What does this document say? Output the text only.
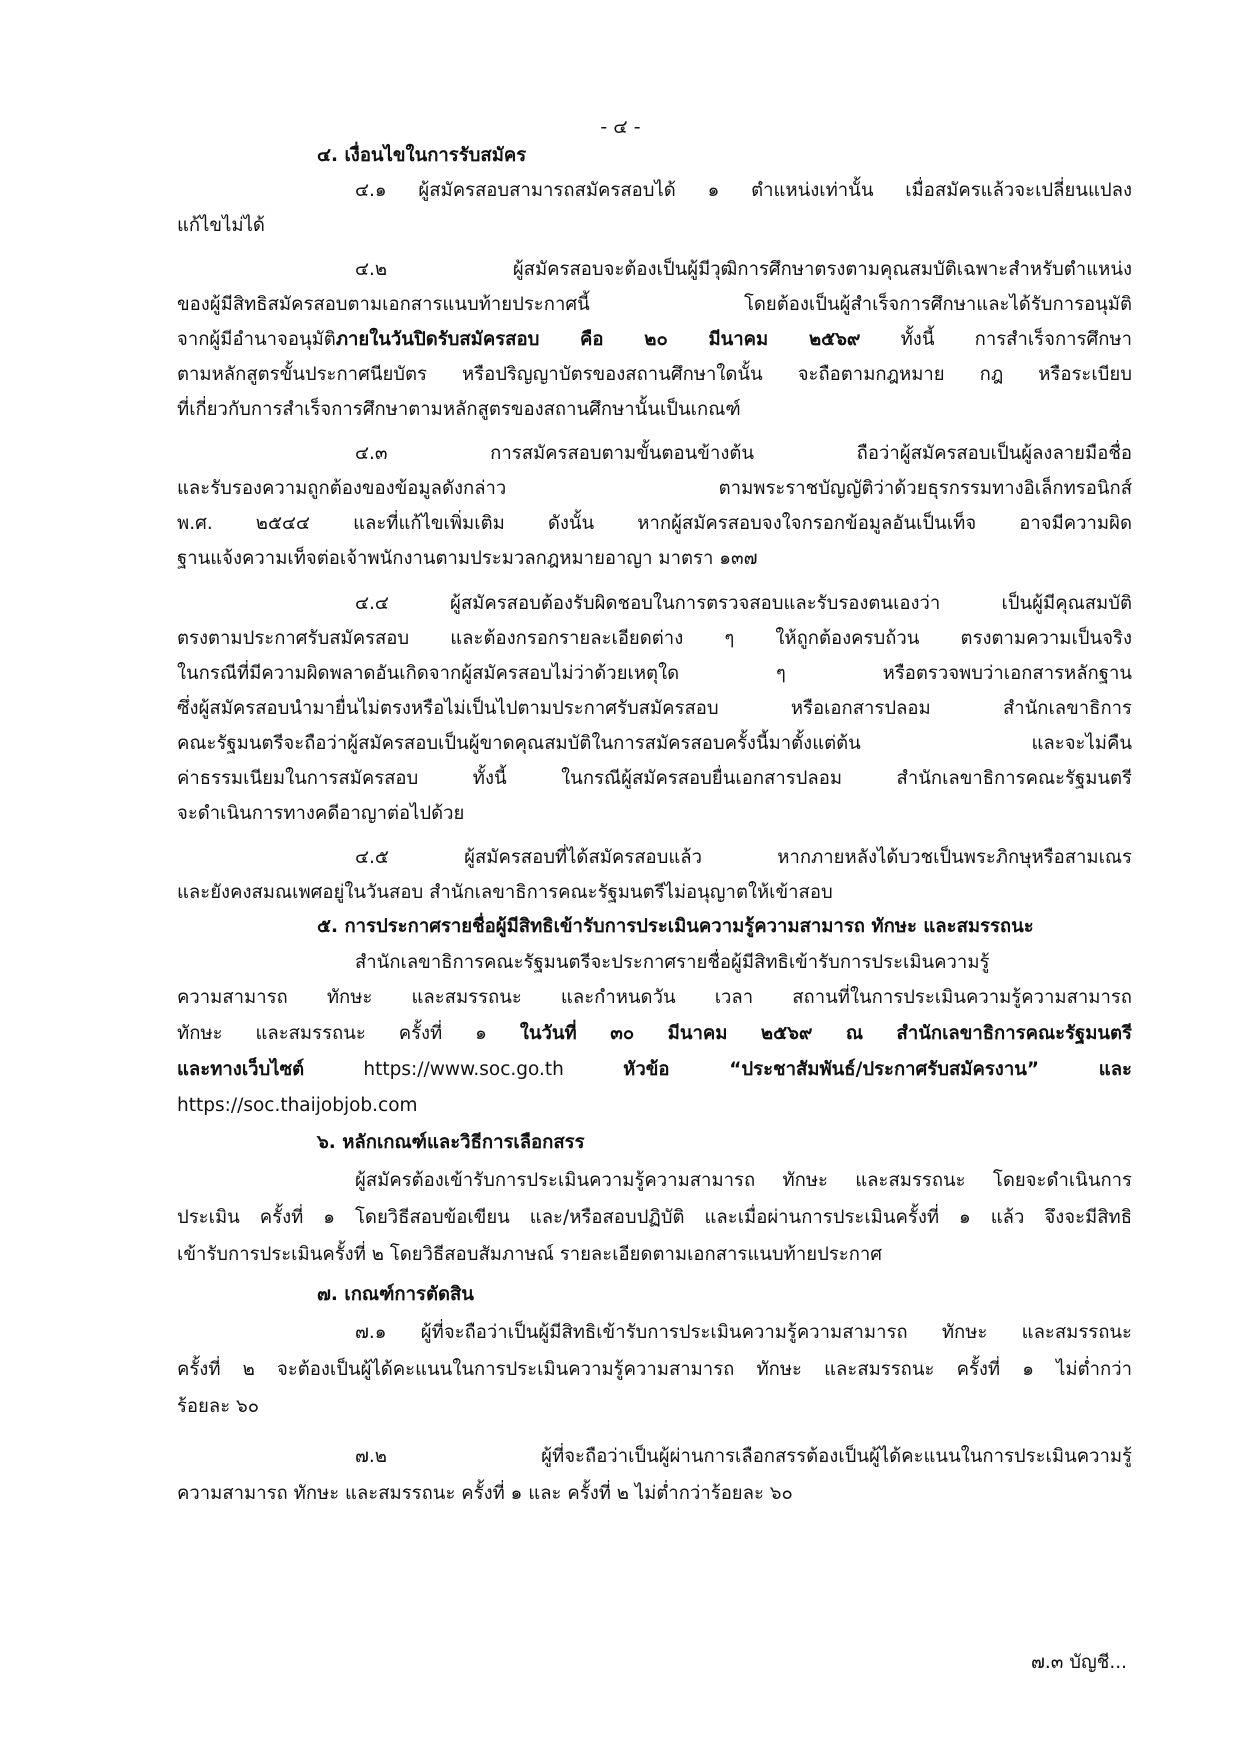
- ๔ -
๔. เงื่อนไขในการรับสมัคร
๔.๑ ผู้สมัครสอบสามารถสมัครสอบได้ ๑ ตำแหน่งเท่านั้น เมื่อสมัครแล้วจะเปลี่ยนแปลง
แก้ไขไม่ได้
๔.๒ ผู้สมัครสอบจะต้องเป็นผู้มีวุฒิการศึกษาตรงตามคุณสมบัติเฉพาะสำหรับตำแหน่ง
ของผู้มีสิทธิสมัครสอบตามเอกสารแนบท้ายประกาศนี้ โดยต้องเป็นผู้สำเร็จการศึกษาและได้รับการอนุมัติ
จากผู้มีอำนาจอนุมัติภายในวันปิดรับสมัครสอบ คือ ๒๐ มีนาคม ๒๕๖๙ ทั้งนี้ การสำเร็จการศึกษา
ตามหลักสูตรขั้นประกาศนียบัตร หรือปริญญาบัตรของสถานศึกษาใดนั้น จะถือตามกฎหมาย กฎ หรือระเบียบ
ที่เกี่ยวกับการสำเร็จการศึกษาตามหลักสูตรของสถานศึกษานั้นเป็นเกณฑ์
๔.๓ การสมัครสอบตามขั้นตอนข้างต้น ถือว่าผู้สมัครสอบเป็นผู้ลงลายมือชื่อ
และรับรองความถูกต้องของข้อมูลดังกล่าว ตามพระราชบัญญัติว่าด้วยธุรกรรมทางอิเล็กทรอนิกส์
พ.ศ. ๒๕๔๔ และที่แก้ไขเพิ่มเติม ดังนั้น หากผู้สมัครสอบจงใจกรอกข้อมูลอันเป็นเท็จ อาจมีความผิด
ฐานแจ้งความเท็จต่อเจ้าพนักงานตามประมวลกฎหมายอาญา มาตรา ๑๓๗
๔.๔ ผู้สมัครสอบต้องรับผิดชอบในการตรวจสอบและรับรองตนเองว่า เป็นผู้มีคุณสมบัติ
ตรงตามประกาศรับสมัครสอบ และต้องกรอกรายละเอียดต่าง ๆ ให้ถูกต้องครบถ้วน ตรงตามความเป็นจริง
ในกรณีที่มีความผิดพลาดอันเกิดจากผู้สมัครสอบไม่ว่าด้วยเหตุใด ๆ หรือตรวจพบว่าเอกสารหลักฐาน
ซึ่งผู้สมัครสอบนำมายื่นไม่ตรงหรือไม่เป็นไปตามประกาศรับสมัครสอบ หรือเอกสารปลอม สำนักเลขาธิการ
คณะรัฐมนตรีจะถือว่าผู้สมัครสอบเป็นผู้ขาดคุณสมบัติในการสมัครสอบครั้งนี้มาตั้งแต่ต้น และจะไม่คืน
ค่าธรรมเนียมในการสมัครสอบ ทั้งนี้ ในกรณีผู้สมัครสอบยื่นเอกสารปลอม สำนักเลขาธิการคณะรัฐมนตรี
จะดำเนินการทางคดีอาญาต่อไปด้วย
๔.๕ ผู้สมัครสอบที่ได้สมัครสอบแล้ว หากภายหลังได้บวชเป็นพระภิกษุหรือสามเณร
และยังคงสมณเพศอยู่ในวันสอบ สำนักเลขาธิการคณะรัฐมนตรีไม่อนุญาตให้เข้าสอบ
๕. การประกาศรายชื่อผู้มีสิทธิเข้ารับการประเมินความรู้ความสามารถ ทักษะ และสมรรถนะ
สำนักเลขาธิการคณะรัฐมนตรีจะประกาศรายชื่อผู้มีสิทธิเข้ารับการประเมินความรู้
ความสามารถ ทักษะ และสมรรถนะ และกำหนดวัน เวลา สถานที่ในการประเมินความรู้ความสามารถ
ทักษะ และสมรรถนะ ครั้งที่ ๑ ในวันที่ ๓๐ มีนาคม ๒๕๖๙ ณ สำนักเลขาธิการคณะรัฐมนตรี
และทางเว็บไซต์ https://www.soc.go.th หัวข้อ “ประชาสัมพันธ์/ประกาศรับสมัครงาน” และ
https://soc.thaijobjob.com
๖. หลักเกณฑ์และวิธีการเลือกสรร
ผู้สมัครต้องเข้ารับการประเมินความรู้ความสามารถ ทักษะ และสมรรถนะ โดยจะดำเนินการ
ประเมิน ครั้งที่ ๑ โดยวิธีสอบข้อเขียน และ/หรือสอบปฏิบัติ และเมื่อผ่านการประเมินครั้งที่ ๑ แล้ว จึงจะมีสิทธิ
เข้ารับการประเมินครั้งที่ ๒ โดยวิธีสอบสัมภาษณ์ รายละเอียดตามเอกสารแนบท้ายประกาศ
๗. เกณฑ์การตัดสิน
๗.๑ ผู้ที่จะถือว่าเป็นผู้มีสิทธิเข้ารับการประเมินความรู้ความสามารถ ทักษะ และสมรรถนะ
ครั้งที่ ๒ จะต้องเป็นผู้ได้คะแนนในการประเมินความรู้ความสามารถ ทักษะ และสมรรถนะ ครั้งที่ ๑ ไม่ต่ำกว่า
ร้อยละ ๖๐
๗.๒ ผู้ที่จะถือว่าเป็นผู้ผ่านการเลือกสรรต้องเป็นผู้ได้คะแนนในการประเมินความรู้
ความสามารถ ทักษะ และสมรรถนะ ครั้งที่ ๑ และ ครั้งที่ ๒ ไม่ต่ำกว่าร้อยละ ๖๐
๗.๓ บัญชี...
